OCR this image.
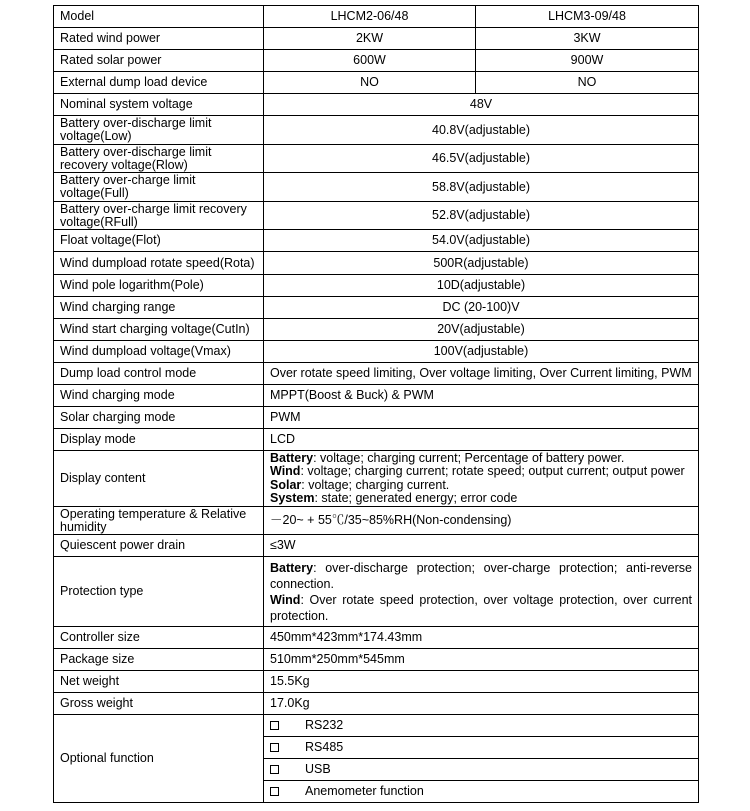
Model	LHCM2-06/48	LHCM3-09/48
Rated wind power	2KW	3KW
Rated solar power	600W	900W
External dump load device	NO	NO
Nominal system voltage	48V	
Battery over-discharge limit voltage(Low)	40.8V(adjustable)	
Battery over-discharge limit recovery voltage(Rlow)	46.5V(adjustable)	
Battery over-charge limit voltage(Full)	58.8V(adjustable)	
Battery over-charge limit recovery voltage(RFull)	52.8V(adjustable)	
Float voltage(Flot)	54.0V(adjustable)	
Wind dumpload rotate speed(Rota)	500R(adjustable)	
Wind pole logarithm(Pole)	10D(adjustable)	
Wind charging range	DC (20-100)V	
Wind start charging voltage(CutIn)	20V(adjustable)	
Wind dumpload voltage(Vmax)	100V(adjustable)	
Dump load control mode	Over rotate speed limiting, Over voltage limiting, Over Current limiting, PWM	
Wind charging mode	MPPT(Boost & Buck) & PWM	
Solar charging mode	PWM	
Display mode	LCD	
Display content	Battery: voltage; charging current; Percentage of battery power.
Wind: voltage; charging current; rotate speed; output current; output power
Solar: voltage; charging current.
System: state; generated energy; error code	

Operating temperature & Relative humidity	－20~ + 55℃/35~85%RH(Non-condensing)	
Quiescent power drain	≤3W	
Protection type	Battery: over-discharge protection; over-charge protection; anti-reverse connection.

Wind: Over rotate speed protection, over voltage protection, over current protection.	

Controller size	450mm*423mm*174.43mm	
Package size	510mm*250mm*545mm	
Net weight	15.5Kg	
Gross weight	17.0Kg	
Optional function	RS232
RS485
USB
Anemometer function	
